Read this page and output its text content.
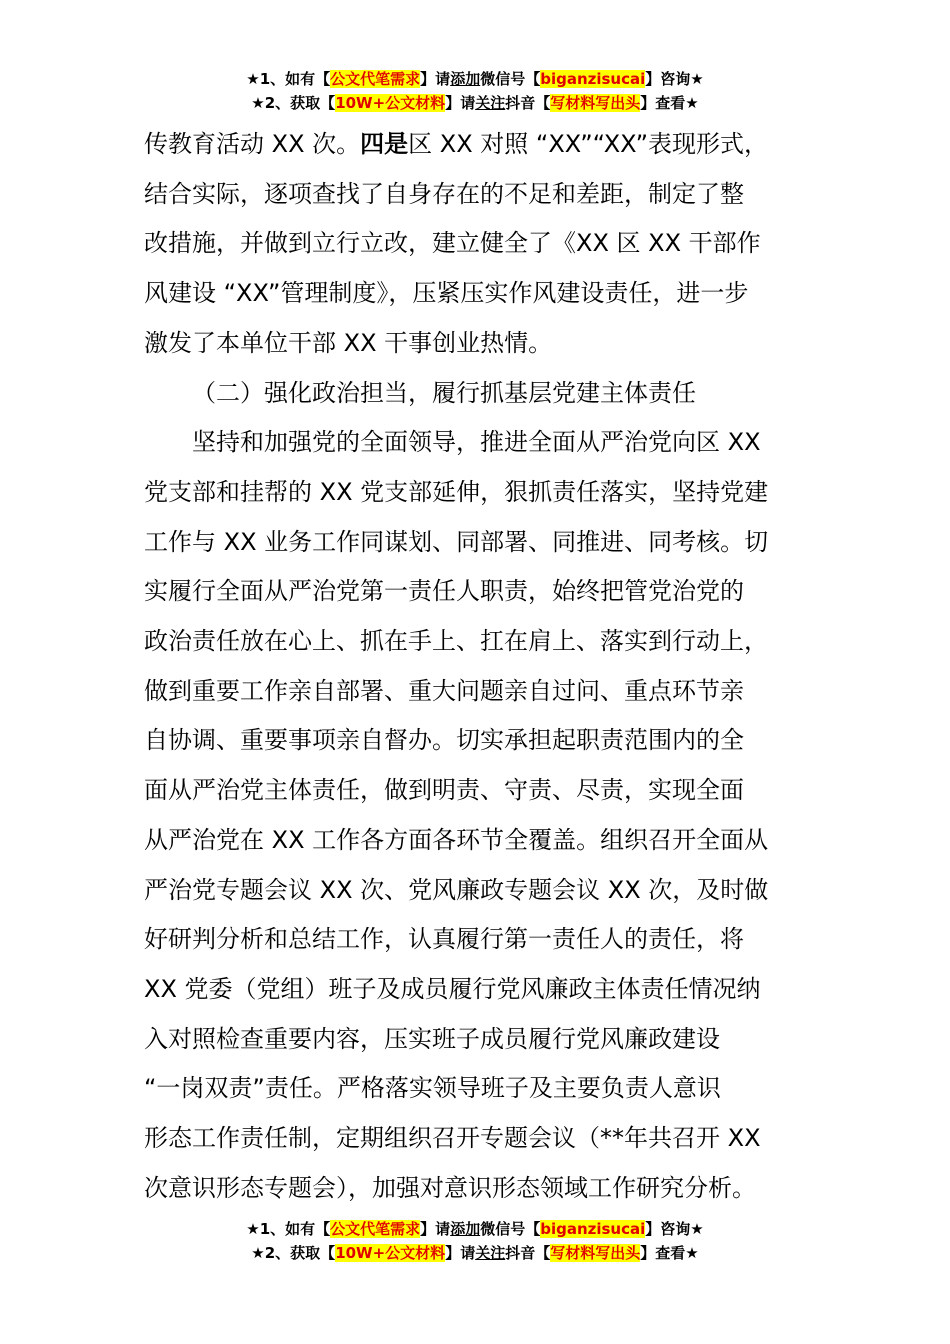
★1、如有【公文代笔需求】请添加微信号【biganzisucai】咨询★
★2、获取【10W+公文材料】请关注抖音【写材料写出头】查看★

传教育活动 XX 次。四是区 XX 对照 “XX”“XX”表现形式，

结合实际，逐项查找了自身存在的不足和差距，制定了整

改措施，并做到立行立改，建立健全了《XX 区 XX 干部作

风建设 “XX”管理制度》，压紧压实作风建设责任，进一步

激发了本单位干部 XX 干事创业热情。

（二）强化政治担当，履行抓基层党建主体责任

坚持和加强党的全面领导，推进全面从严治党向区 XX

党支部和挂帮的 XX 党支部延伸，狠抓责任落实，坚持党建

工作与 XX 业务工作同谋划、同部署、同推进、同考核。切

实履行全面从严治党第一责任人职责，始终把管党治党的

政治责任放在心上、抓在手上、扛在肩上、落实到行动上，

做到重要工作亲自部署、重大问题亲自过问、重点环节亲

自协调、重要事项亲自督办。切实承担起职责范围内的全

面从严治党主体责任，做到明责、守责、尽责，实现全面

从严治党在 XX 工作各方面各环节全覆盖。组织召开全面从

严治党专题会议 XX 次、党风廉政专题会议 XX 次，及时做

好研判分析和总结工作，认真履行第一责任人的责任，将

XX 党委（党组）班子及成员履行党风廉政主体责任情况纳

入对照检查重要内容，压实班子成员履行党风廉政建设

“一岗双责”责任。严格落实领导班子及主要负责人意识

形态工作责任制，定期组织召开专题会议（**年共召开 XX

次意识形态专题会），加强对意识形态领域工作研究分析。

★1、如有【公文代笔需求】请添加微信号【biganzisucai】咨询★
★2、获取【10W+公文材料】请关注抖音【写材料写出头】查看★
